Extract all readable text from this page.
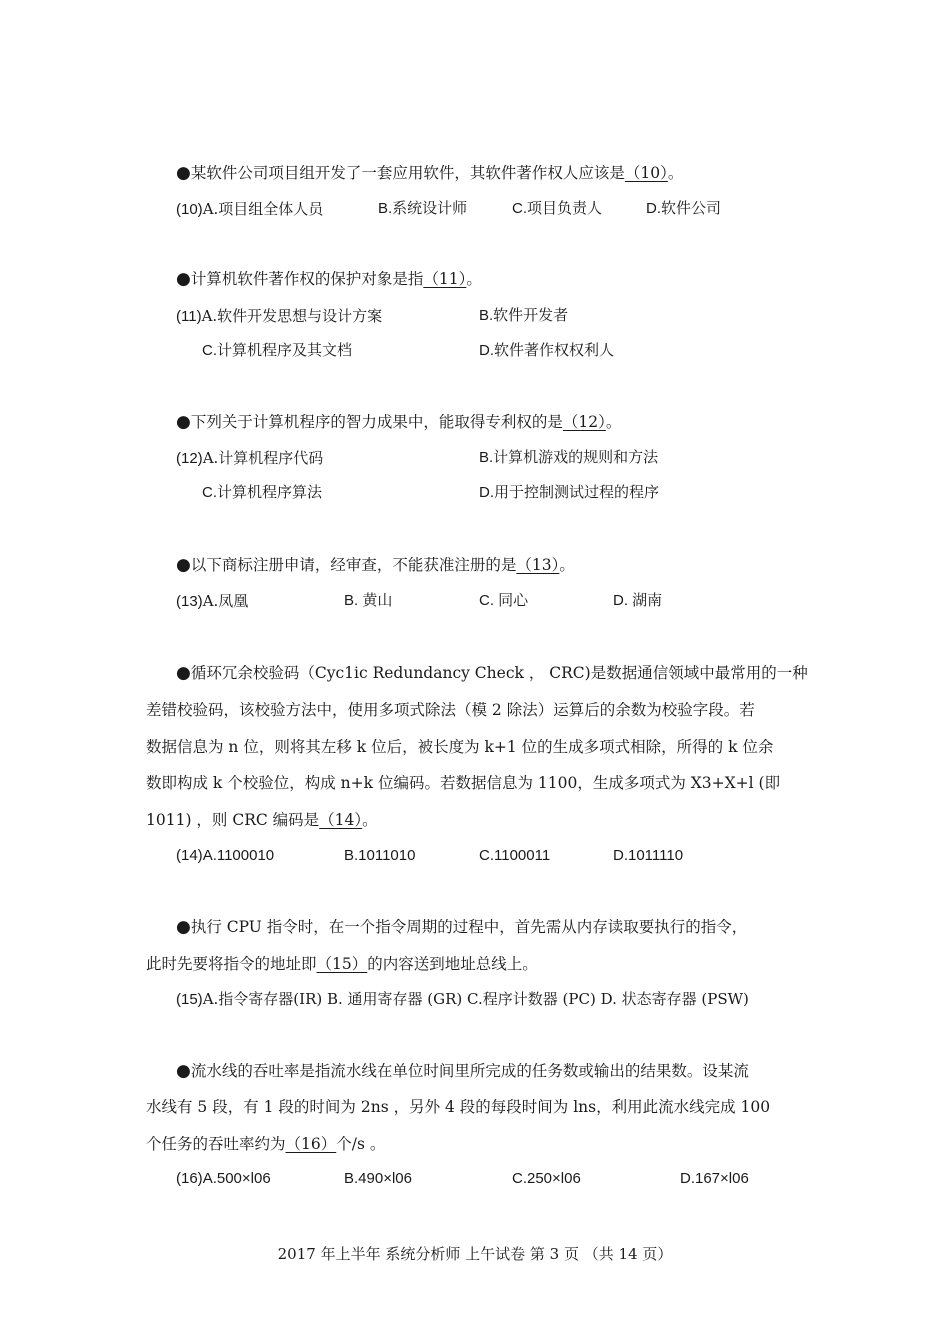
●某软件公司项目组开发了一套应用软件，其软件著作权人应该是（10）。
(10)A.项目组全体人员	B.系统设计师	C.项目负责人	D.软件公司
●计算机软件著作权的保护对象是指（11）。
(11)A.软件开发思想与设计方案	B.软件开发者
C.计算机程序及其文档	D.软件著作权权利人
●下列关于计算机程序的智力成果中，能取得专利权的是（12）。
(12)A.计算机程序代码	B.计算机游戏的规则和方法
C.计算机程序算法	D.用于控制测试过程的程序
●以下商标注册申请，经审查，不能获准注册的是（13）。
(13)A.凤凰	B. 黄山	C. 同心	D. 湖南
●循环冗余校验码（Cyc1ic Redundancy Check ， CRC)是数据通信领域中最常用的一种
差错校验码，该校验方法中，使用多项式除法（模 2 除法）运算后的余数为校验字段。若
数据信息为 n 位，则将其左移 k 位后，被长度为 k+1 位的生成多项式相除，所得的 k 位余
数即构成 k 个校验位，构成 n+k 位编码。若数据信息为 1100，生成多项式为 X3+X+l (即
1011) ，则 CRC 编码是（14）。
(14)A.1100010	B.1011010	C.1100011	D.1011110
●执行 CPU 指令时，在一个指令周期的过程中，首先需从内存读取要执行的指令，
此时先要将指令的地址即（15）的内容送到地址总线上。
(15)A.指令寄存器(IR) B. 通用寄存器 (GR) C.程序计数器 (PC) D. 状态寄存器 (PSW)
●流水线的吞吐率是指流水线在单位时间里所完成的任务数或输出的结果数。设某流
水线有 5 段，有 1 段的时间为 2ns ，另外 4 段的每段时间为 lns，利用此流水线完成 100
个任务的吞吐率约为（16）个/s 。
(16)A.500×l06	B.490×l06	C.250×l06	D.167×l06
2017 年上半年 系统分析师 上午试卷 第 3 页 （共 14 页）
